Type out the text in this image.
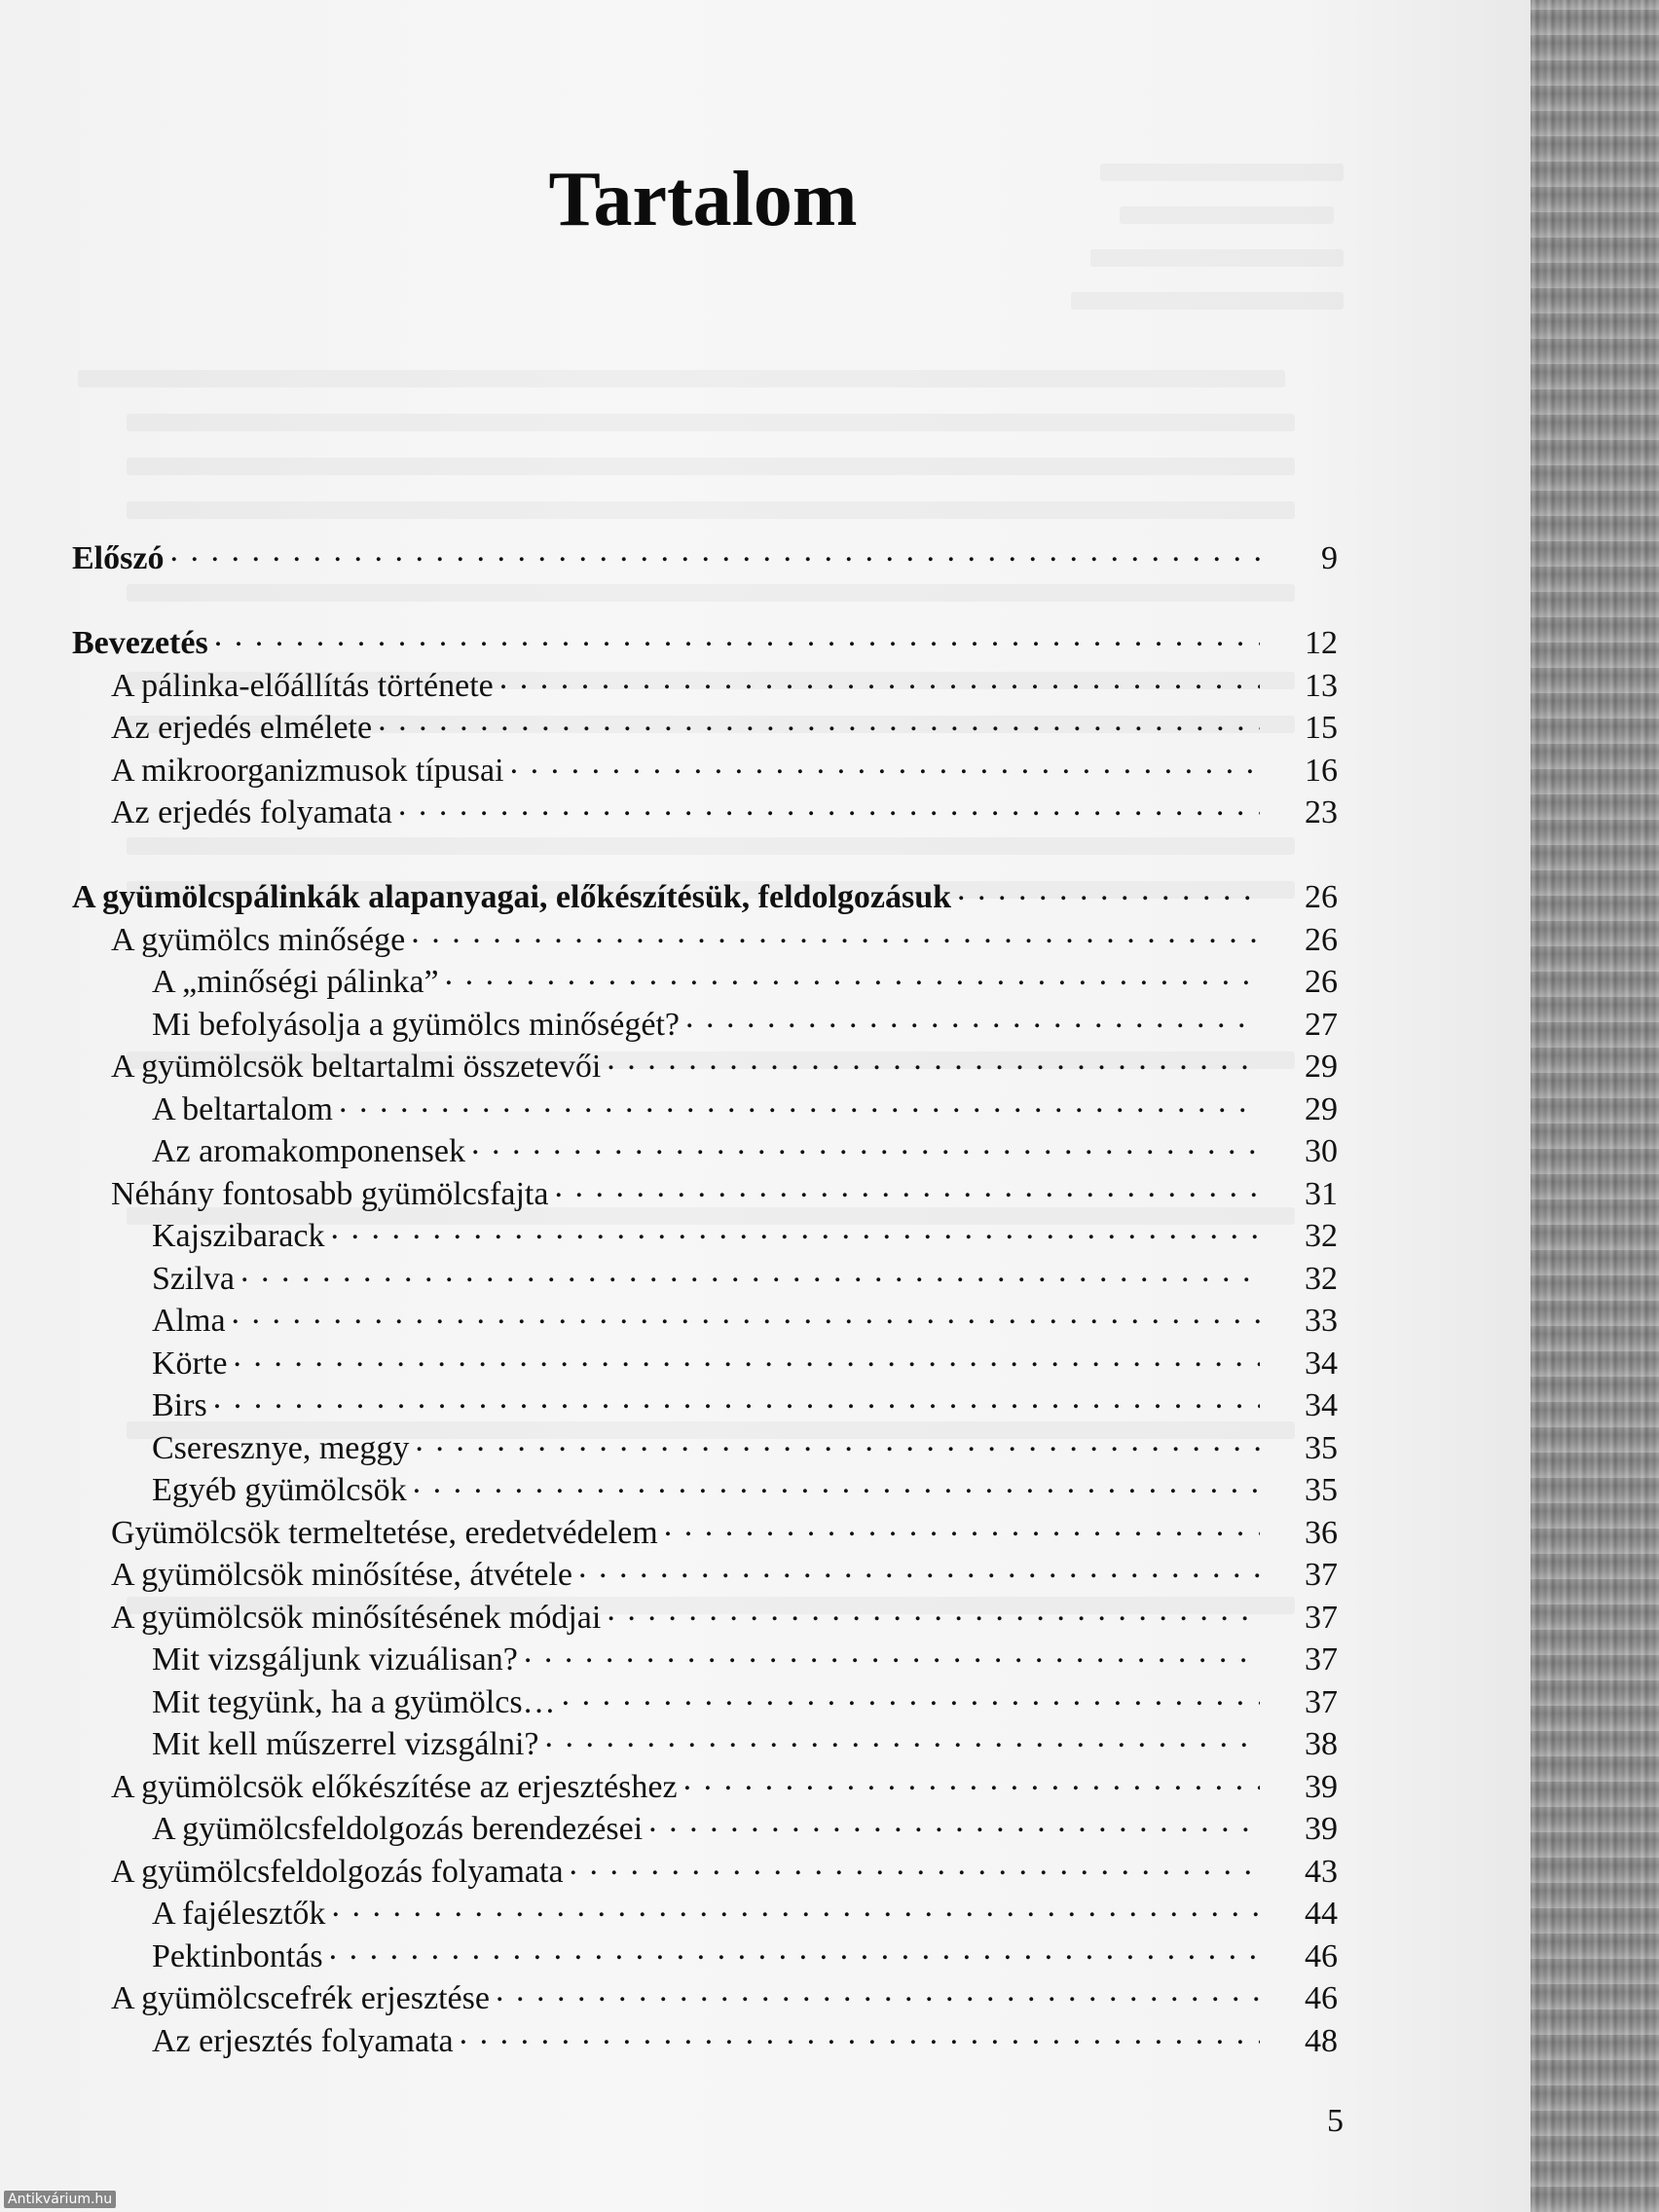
Tartalom
Előszó . . .	9
Bevezetés . . .	12
A pálinka-előállítás története . . .	13
Az erjedés elmélete . . .	15
A mikroorganizmusok típusai . . .	16
Az erjedés folyamata . . .	23
A gyümölcspálinkák alapanyagai, előkészítésük, feldolgozásuk . . .	26
A gyümölcs minősége . . .	26
A „minőségi pálinka” . . .	26
Mi befolyásolja a gyümölcs minőségét? . . .	27
A gyümölcsök beltartalmi összetevői . . .	29
A beltartalom . . .	29
Az aromakomponensek . . .	30
Néhány fontosabb gyümölcsfajta . . .	31
Kajszibarack . . .	32
Szilva . . .	32
Alma . . .	33
Körte . . .	34
Birs . . .	34
Cseresznye, meggy . . .	35
Egyéb gyümölcsök . . .	35
Gyümölcsök termeltetése, eredetvédelem . . .	36
A gyümölcsök minősítése, átvétele . . .	37
A gyümölcsök minősítésének módjai . . .	37
Mit vizsgáljunk vizuálisan? . . .	37
Mit tegyünk, ha a gyümölcs… . . .	37
Mit kell műszerrel vizsgálni? . . .	38
A gyümölcsök előkészítése az erjesztéshez . . .	39
A gyümölcsfeldolgozás berendezései . . .	39
A gyümölcsfeldolgozás folyamata . . .	43
A fajélesztők . . .	44
Pektinbontás . . .	46
A gyümölcscefrék erjesztése . . .	46
Az erjesztés folyamata . . .	48
5
Antikvárium.hu
